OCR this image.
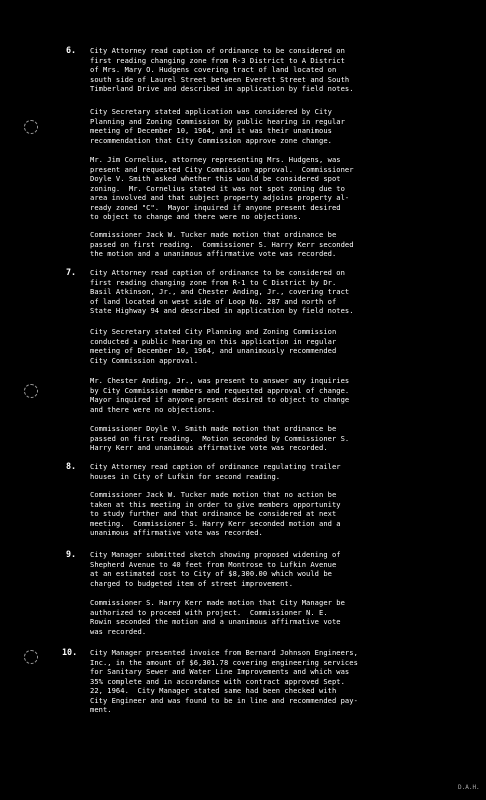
6. City Attorney read caption of ordinance to be considered on
first reading changing zone from R-3 District to A District
of Mrs. Mary O. Hudgens covering tract of land located on
south side of Laurel Street between Everett Street and South
Timberland Drive and described in application by field notes.
City Secretary stated application was considered by City
Planning and Zoning Commission by public hearing in regular
meeting of December 10, 1964, and it was their unanimous
recommendation that City Commission approve zone change.
Mr. Jim Cornelius, attorney representing Mrs. Hudgens, was
present and requested City Commission approval.  Commissioner
Doyle V. Smith asked whether this would be considered spot
zoning.  Mr. Cornelius stated it was not spot zoning due to
area involved and that subject property adjoins property al-
ready zoned "C".  Mayor inquired if anyone present desired
to object to change and there were no objections.
Commissioner Jack W. Tucker made motion that ordinance be
passed on first reading.  Commissioner S. Harry Kerr seconded
the motion and a unanimous affirmative vote was recorded.
7. City Attorney read caption of ordinance to be considered on
first reading changing zone from R-1 to C District by Dr.
Basil Atkinson, Jr., and Chester Anding, Jr., covering tract
of land located on west side of Loop No. 287 and north of
State Highway 94 and described in application by field notes.
City Secretary stated City Planning and Zoning Commission
conducted a public hearing on this application in regular
meeting of December 10, 1964, and unanimously recommended
City Commission approval.
Mr. Chester Anding, Jr., was present to answer any inquiries
by City Commission members and requested approval of change.
Mayor inquired if anyone present desired to object to change
and there were no objections.
Commissioner Doyle V. Smith made motion that ordinance be
passed on first reading.  Motion seconded by Commissioner S.
Harry Kerr and unanimous affirmative vote was recorded.
8. City Attorney read caption of ordinance regulating trailer
houses in City of Lufkin for second reading.
Commissioner Jack W. Tucker made motion that no action be
taken at this meeting in order to give members opportunity
to study further and that ordinance be considered at next
meeting.  Commissioner S. Harry Kerr seconded motion and a
unanimous affirmative vote was recorded.
9. City Manager submitted sketch showing proposed widening of
Shepherd Avenue to 40 feet from Montrose to Lufkin Avenue
at an estimated cost to City of $8,300.00 which would be
charged to budgeted item of street improvement.
Commissioner S. Harry Kerr made motion that City Manager be
authorized to proceed with project.  Commissioner N. E.
Rowin seconded the motion and a unanimous affirmative vote
was recorded.
10. City Manager presented invoice from Bernard Johnson Engineers,
Inc., in the amount of $6,301.78 covering engineering services
for Sanitary Sewer and Water Line Improvements and which was
35% complete and in accordance with contract approved Sept.
22, 1964.  City Manager stated same had been checked with
City Engineer and was found to be in line and recommended pay-
ment.
D.A.H.
